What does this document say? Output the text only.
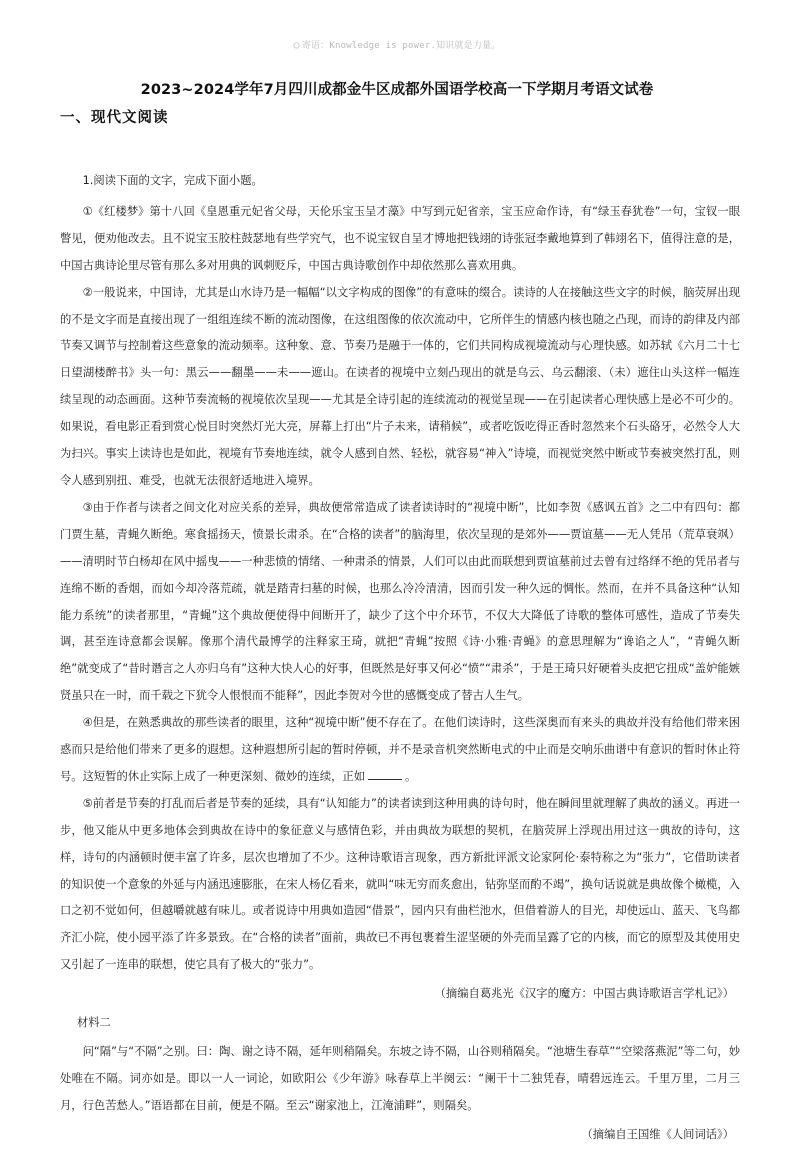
○ 寄语：Knowledge is power.知识就是力量。
2023~2024学年7月四川成都金牛区成都外国语学校高一下学期月考语文试卷
一、现代文阅读

1.阅读下面的文字，完成下面小题。

①《红楼梦》第十八回《皇恩重元妃省父母，天伦乐宝玉呈才藻》中写到元妃省亲，宝玉应命作诗，有“绿玉春犹卷”一句，宝钗一眼瞥见，便劝他改去。且不说宝玉胶柱鼓瑟地有些学究气，也不说宝钗自呈才博地把钱翊的诗张冠李戴地算到了韩翊名下，值得注意的是，中国古典诗论里尽管有那么多对用典的讽刺贬斥，中国古典诗歌创作中却依然那么喜欢用典。

②一般说来，中国诗，尤其是山水诗乃是一幅幅“以文字构成的图像”的有意味的缀合。读诗的人在接触这些文字的时候，脑荧屏出现的不是文字而是直接出现了一组组连续不断的流动图像，在这组图像的依次流动中，它所伴生的情感内核也随之凸现，而诗的韵律及内部节奏又调节与控制着这些意象的流动频率。这种象、意、节奏乃是融于一体的，它们共同构成视境流动与心理快感。如苏轼《六月二十七日望湖楼醉书》头一句：黑云——翻墨——未——遮山。在读者的视境中立刻凸现出的就是乌云、乌云翻滚、（未）遮住山头这样一幅连续呈现的动态画面。这种节奏流畅的视境依次呈现——尤其是全诗引起的连续流动的视觉呈现——在引起读者心理快感上是必不可少的。如果说，看电影正看到赏心悦目时突然灯光大亮，屏幕上打出“片子未来，请稍候”，或者吃饭吃得正香时忽然来个石头硌牙，必然令人大为扫兴。事实上读诗也是如此，视境有节奏地连续，就令人感到自然、轻松，就容易“神入”诗境，而视觉突然中断或节奏被突然打乱，则令人感到别扭、难受，也就无法很舒适地进入境界。

③由于作者与读者之间文化对应关系的差异，典故便常常造成了读者读诗时的“视境中断”，比如李贺《感讽五首》之二中有四句：都门贾生墓，青蝇久断绝。寒食摇扬天，愤景长肃杀。在“合格的读者”的脑海里，依次呈现的是郊外——贾谊墓——无人凭吊（荒草衰飒）——清明时节白杨却在风中摇曳——一种悲愤的情绪、一种肃杀的情景，人们可以由此而联想到贾谊墓前过去曾有过络绎不绝的凭吊者与连绵不断的香烟，而如今却冷落荒疏，就是踏青扫墓的时候，也那么冷冷清清，因而引发一种久远的惆怅。然而，在并不具备这种“认知能力系统”的读者那里，“青蝇”这个典故便使得中间断开了，缺少了这个中介环节，不仅大大降低了诗歌的整体可感性，造成了节奏失调，甚至连诗意都会误解。像那个清代最博学的注释家王琦，就把“青蝇”按照《诗·小雅·青蝇》的意思理解为“谗谄之人”，“青蝇久断绝”就变成了“昔时谮言之人亦归乌有”这种大快人心的好事，但既然是好事又何必“愤”“肃杀”，于是王琦只好硬着头皮把它扭成“盖妒能嫉贤虽只在一时，而千载之下犹令人恨恨而不能释”，因此李贺对今世的感慨变成了替古人生气。

④但是，在熟悉典故的那些读者的眼里，这种“视境中断”便不存在了。在他们读诗时，这些深奥而有来头的典故并没有给他们带来困惑而只是给他们带来了更多的遐想。这种遐想所引起的暂时停顿，并不是录音机突然断电式的中止而是交响乐曲谱中有意识的暂时休止符号。这短暂的休止实际上成了一种更深刻、微妙的连续，正如	。

⑤前者是节奏的打乱而后者是节奏的延续，具有“认知能力”的读者读到这种用典的诗句时，他在瞬间里就理解了典故的涵义。再进一步，他又能从中更多地体会到典故在诗中的象征意义与感情色彩，并由典故为联想的契机，在脑荧屏上浮现出用过这一典故的诗句，这样，诗句的内涵顿时便丰富了许多，层次也增加了不少。这种诗歌语言现象，西方新批评派文论家阿伦·泰特称之为“张力”，它借助读者的知识使一个意象的外延与内涵迅速膨胀，在宋人杨亿看来，就叫“味无穷而炙愈出，钻弥坚而酌不竭”，换句话说就是典故像个橄榄，入口之初不觉如何，但越嚼就越有味儿。或者说诗中用典如造园“借景”，园内只有曲栏池水，但借着游人的目光，却使远山、蓝天、飞鸟都齐汇小院，使小园平添了许多景致。在“合格的读者”面前，典故已不再包裹着生涩坚硬的外壳而呈露了它的内核，而它的原型及其使用史又引起了一连串的联想，使它具有了极大的“张力”。

（摘编自葛兆光《汉字的魔方：中国古典诗歌语言学札记》）

材料二

问“隔”与“不隔”之别。曰：陶、谢之诗不隔，延年则稍隔矣。东坡之诗不隔，山谷则稍隔矣。“池塘生春草”“空梁落燕泥”等二句，妙处唯在不隔。词亦如是。即以一人一词论，如欧阳公《少年游》咏春草上半阕云：“阑干十二独凭春，晴碧远连云。千里万里，二月三月，行色苦愁人。”语语都在目前，便是不隔。至云“谢家池上，江淹浦畔”，则隔矣。

（摘编自王国维《人间词话》）
